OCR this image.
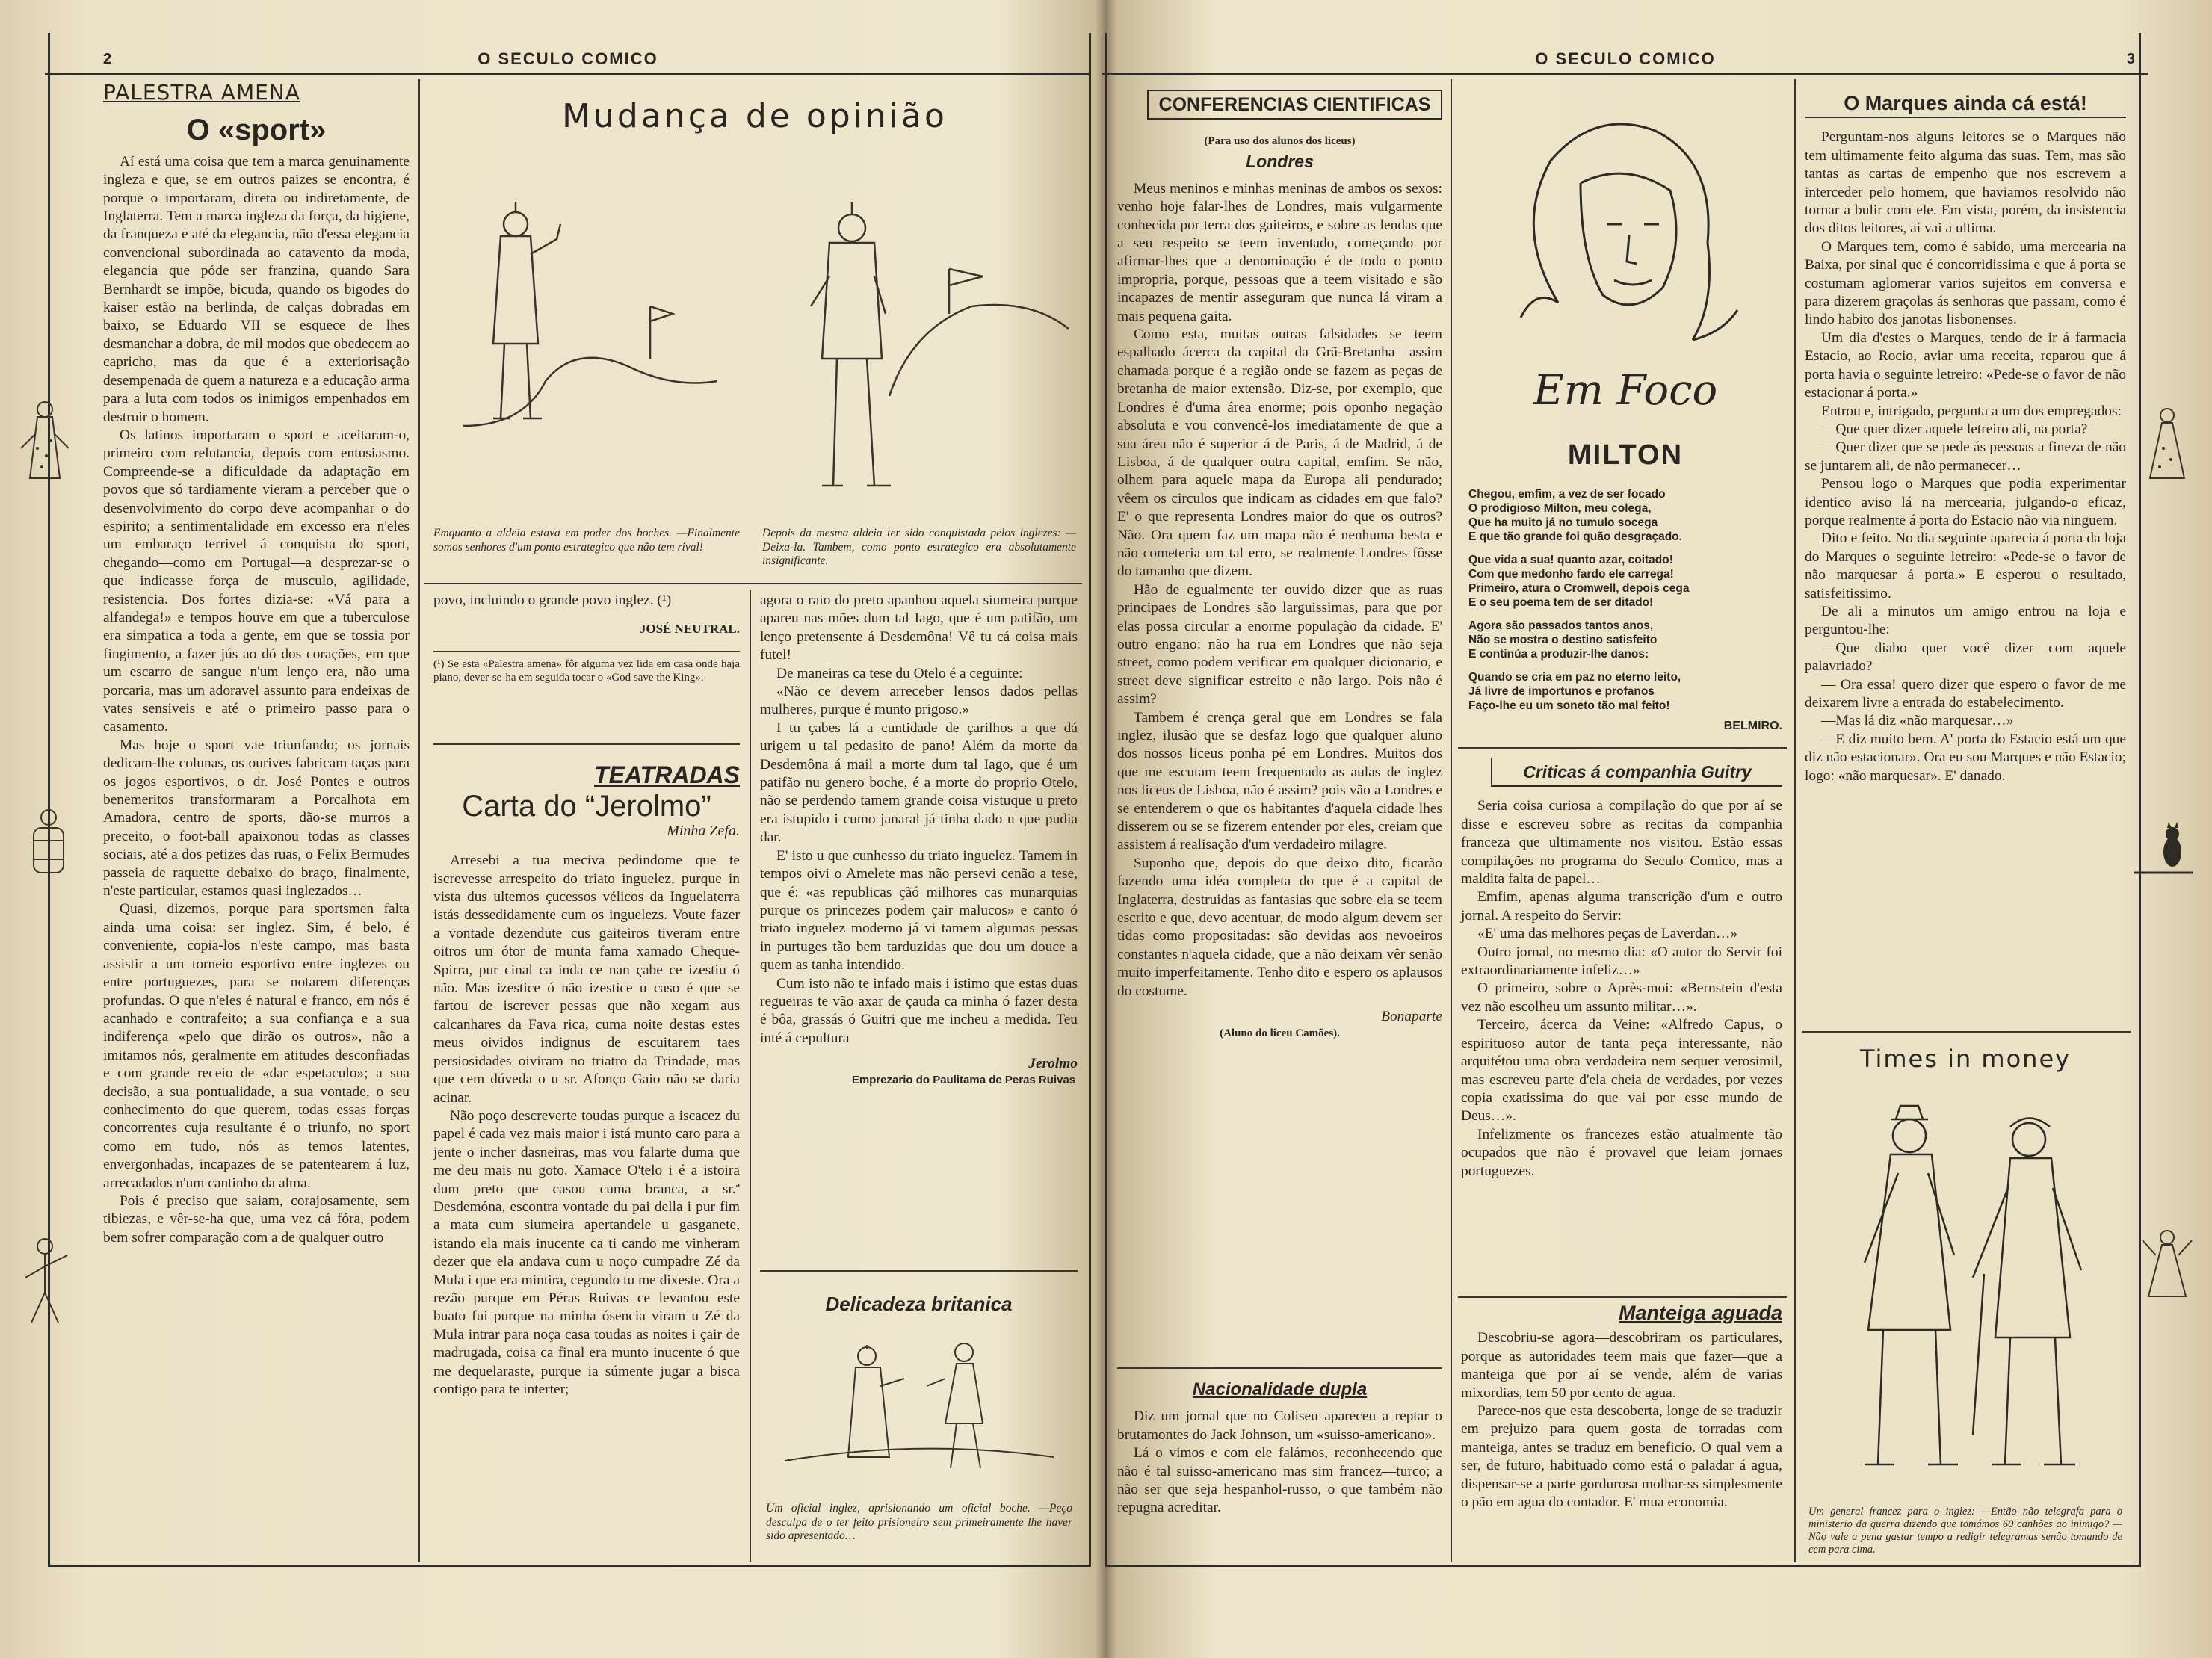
2	O SECULO COMICO
PALESTRA AMENA
O «sport»

Aí está uma coisa que tem a marca genuinamente ingleza e que, se em outros paizes se encontra, é porque o importaram, direta ou indiretamente, de Inglaterra. Tem a marca ingleza da força, da higiene, da franqueza e até da elegancia, não d'essa elegancia convencional subordinada ao catavento da moda, elegancia que póde ser franzina, quando Sara Bernhardt se impõe, bicuda, quando os bigodes do kaiser estão na berlinda, de calças dobradas em baixo, se Eduardo VII se esquece de lhes desmanchar a dobra, de mil modos que obedecem ao capricho, mas da que é a exteriorisação desempenada de quem a natureza e a educação arma para a luta com todos os inimigos empenhados em destruir o homem.

Os latinos importaram o sport e aceitaram-o, primeiro com relutancia, depois com entusiasmo. Compreende-se a dificuldade da adaptação em povos que só tardiamente vieram a perceber que o desenvolvimento do corpo deve acompanhar o do espirito; a sentimentalidade em excesso era n'eles um embaraço terrivel á conquista do sport, chegando—como em Portugal—a desprezar-se o que indicasse força de musculo, agilidade, resistencia. Dos fortes dizia-se: «Vá para a alfandega!» e tempos houve em que a tuberculose era simpatica a toda a gente, em que se tossia por fingimento, a fazer jús ao dó dos corações, em que um escarro de sangue n'um lenço era, não uma porcaria, mas um adoravel assunto para endeixas de vates sensiveis e até o primeiro passo para o casamento.

Mas hoje o sport vae triunfando; os jornais dedicam-lhe colunas, os ourives fabricam taças para os jogos esportivos, o dr. José Pontes e outros benemeritos transformaram a Porcalhota em Amadora, centro de sports, dão-se murros a preceito, o foot-ball apaixonou todas as classes sociais, até a dos petizes das ruas, o Felix Bermudes passeia de raquette debaixo do braço, finalmente, n'este particular, estamos quasi inglezados…

Quasi, dizemos, porque para sportsmen falta ainda uma coisa: ser inglez. Sim, é belo, é conveniente, copia-los n'este campo, mas basta assistir a um torneio esportivo entre inglezes ou entre portuguezes, para se notarem diferenças profundas. O que n'eles é natural e franco, em nós é acanhado e contrafeito; a sua confiança e a sua indiferença «pelo que dirão os outros», não a imitamos nós, geralmente em atitudes desconfiadas e com grande receio de «dar espetaculo»; a sua decisão, a sua pontualidade, a sua vontade, o seu conhecimento do que querem, todas essas forças concorrentes cuja resultante é o triunfo, no sport como em tudo, nós as temos latentes, envergonhadas, incapazes de se patentearem á luz, arrecadados n'um cantinho da alma.

Pois é preciso que saiam, corajosamente, sem tibiezas, e vêr-se-ha que, uma vez cá fóra, podem bem sofrer comparação com a de qualquer outro

Mudança de opinião
Emquanto a aldeia estava em poder dos boches. —Finalmente somos senhores d'um ponto estrategico que não tem rival!
Depois da mesma aldeia ter sido conquistada pelos inglezes: —Deixa-la. Tambem, como ponto estrategico era absolutamente insignificante.

povo, incluindo o grande povo inglez. (¹)

JOSÉ NEUTRAL.
(¹) Se esta «Palestra amena» fôr alguma vez lida em casa onde haja piano, dever-se-ha em seguida tocar o «God save the King».
TEATRADAS
Carta do “Jerolmo”
Minha Zefa.

Arresebi a tua meciva pedindome que te iscrevesse arrespeito do triato inguelez, purque in vista dus ultemos çucessos vélicos da Inguelaterra istás dessedidamente cum os inguelezs. Voute fazer a vontade dezendute cus gaiteiros tiveram entre oitros um ótor de munta fama xamado Cheque-Spirra, pur cinal ca inda ce nan çabe ce izestiu ó não. Mas izestice ó não izestice u caso é que se fartou de iscrever pessas que não xegam aus calcanhares da Fava rica, cuma noite destas estes meus oividos indignus de escuitarem taes persiosidades oiviram no triatro da Trindade, mas que cem dúveda o u sr. Afonço Gaio não se daria acinar.

Não poço descreverte toudas purque a iscacez du papel é cada vez mais maior i istá munto caro para a jente o incher dasneiras, mas vou falarte duma que me deu mais nu goto. Xamace O'telo i é a istoira dum preto que casou cuma branca, a sr.ª Desdemóna, escontra vontade du pai della i pur fim a mata cum siumeira apertandele u gasganete, istando ela mais inucente ca ti cando me vinheram dezer que ela andava cum u noço cumpadre Zé da Mula i que era mintira, cegundo tu me dixeste. Ora a rezão purque em Péras Ruivas ce levantou este buato fui purque na minha ósencia viram u Zé da Mula intrar para noça casa toudas as noites i çair de madrugada, coisa ca final era munto inucente ó que me dequelaraste, purque ia súmente jugar a bisca contigo para te interter;

agora o raio do preto apanhou aquela siumeira purque apareu nas mões dum tal Iago, que é um patifão, um lenço pretensente á Desdemôna! Vê tu cá coisa mais futel!

De maneiras ca tese du Otelo é a ceguinte:

«Não ce devem arreceber lensos dados pellas mulheres, purque é munto prigoso.»

I tu çabes lá a cuntidade de çarilhos a que dá urigem u tal pedasito de pano! Além da morte da Desdemôna á mail a morte dum tal Iago, que é um patifão nu genero boche, é a morte do proprio Otelo, não se perdendo tamem grande coisa vistuque u preto era istupido i cumo janaral já tinha dado u que pudia dar.

E' isto u que cunhesso du triato inguelez. Tamem in tempos oivi o Amelete mas não persevi cenão a tese, que é: «as republicas çãó milhores cas munarquias purque os princezes podem çair malucos» e canto ó triato inguelez moderno já vi tamem algumas pessas in purtuges tão bem tarduzidas que dou um douce a quem as tanha intendido.

Cum isto não te infado mais i istimo que estas duas regueiras te vão axar de çauda ca minha ó fazer desta é bôa, grassás ó Guitri que me incheu a medida. Teu inté á cepultura

Jerolmo
Emprezario do Paulitama de Peras Ruivas
Delicadeza britanica
Um oficial inglez, aprisionando um oficial boche. —Peço desculpa de o ter feito prisioneiro sem primeiramente lhe haver sido apresentado…
O SECULO COMICO	3
CONFERENCIAS CIENTIFICAS
(Para uso dos alunos dos liceus)
Londres

Meus meninos e minhas meninas de ambos os sexos: venho hoje falar-lhes de Londres, mais vulgarmente conhecida por terra dos gaiteiros, e sobre as lendas que a seu respeito se teem inventado, começando por afirmar-lhes que a denominação é de todo o ponto impropria, porque, pessoas que a teem visitado e são incapazes de mentir asseguram que nunca lá viram a mais pequena gaita.

Como esta, muitas outras falsidades se teem espalhado ácerca da capital da Grã-Bretanha—assim chamada porque é a região onde se fazem as peças de bretanha de maior extensão. Diz-se, por exemplo, que Londres é d'uma área enorme; pois oponho negação absoluta e vou convencê-los imediatamente de que a sua área não é superior á de Paris, á de Madrid, á de Lisboa, á de qualquer outra capital, emfim. Se não, olhem para aquele mapa da Europa ali pendurado; vêem os circulos que indicam as cidades em que falo? E' o que representa Londres maior do que os outros? Não. Ora quem faz um mapa não é nenhuma besta e não cometeria um tal erro, se realmente Londres fôsse do tamanho que dizem.

Hão de egualmente ter ouvido dizer que as ruas principaes de Londres são larguissimas, para que por elas possa circular a enorme população da cidade. E' outro engano: não ha rua em Londres que não seja street, como podem verificar em qualquer dicionario, e street deve significar estreito e não largo. Pois não é assim?

Tambem é crença geral que em Londres se fala inglez, ilusão que se desfaz logo que qualquer aluno dos nossos liceus ponha pé em Londres. Muitos dos que me escutam teem frequentado as aulas de inglez nos liceus de Lisboa, não é assim? pois vão a Londres e se entenderem o que os habitantes d'aquela cidade lhes disserem ou se se fizerem entender por eles, creiam que assistem á realisação d'um verdadeiro milagre.

Suponho que, depois do que deixo dito, ficarão fazendo uma idéa completa do que é a capital de Inglaterra, destruidas as fantasias que sobre ela se teem escrito e que, devo acentuar, de modo algum devem ser tidas como propositadas: são devidas aos nevoeiros constantes n'aquela cidade, que a não deixam vêr senão muito imperfeitamente. Tenho dito e espero os aplausos do costume.

Bonaparte
(Aluno do liceu Camões).
Nacionalidade dupla

Diz um jornal que no Coliseu apareceu a reptar o brutamontes do Jack Johnson, um «suisso-americano».

Lá o vimos e com ele falámos, reconhecendo que não é tal suisso-americano mas sim francez—turco; a não ser que seja hespanhol-russo, o que também não repugna acreditar.

Em Foco
MILTON
Chegou, emfim, a vez de ser focado
O prodigioso Milton, meu colega,
Que ha muito já no tumulo socega
E que tão grande foi quão desgraçado.
Que vida a sua! quanto azar, coitado!
Com que medonho fardo ele carrega!
Primeiro, atura o Cromwell, depois cega
E o seu poema tem de ser ditado!
Agora são passados tantos anos,
Não se mostra o destino satisfeito
E continúa a produzir-lhe danos:
Quando se cria em paz no eterno leito,
Já livre de importunos e profanos
Faço-lhe eu um soneto tão mal feito!
BELMIRO.
Criticas á companhia Guitry

Seria coisa curiosa a compilação do que por aí se disse e escreveu sobre as recitas da companhia franceza que ultimamente nos visitou. Estão essas compilações no programa do Seculo Comico, mas a maldita falta de papel…

Emfim, apenas alguma transcrição d'um e outro jornal. A respeito do Servir:

«E' uma das melhores peças de Laverdan…»

Outro jornal, no mesmo dia: «O autor do Servir foi extraordinariamente infeliz…»

O primeiro, sobre o Après-moi: «Bernstein d'esta vez não escolheu um assunto militar…».

Terceiro, ácerca da Veine: «Alfredo Capus, o espirituoso autor de tanta peça interessante, não arquitétou uma obra verdadeira nem sequer verosimil, mas escreveu parte d'ela cheia de verdades, por vezes copia exatissima do que vai por esse mundo de Deus…».

Infelizmente os francezes estão atualmente tão ocupados que não é provavel que leiam jornaes portuguezes.

Manteiga aguada

Descobriu-se agora—descobriram os particulares, porque as autoridades teem mais que fazer—que a manteiga que por aí se vende, além de varias mixordias, tem 50 por cento de agua.

Parece-nos que esta descoberta, longe de se traduzir em prejuizo para quem gosta de torradas com manteiga, antes se traduz em beneficio. O qual vem a ser, de futuro, habituado como está o paladar á agua, dispensar-se a parte gordurosa molhar-ss simplesmente o pão em agua do contador. E' mua economia.

O Marques ainda cá está!

Perguntam-nos alguns leitores se o Marques não tem ultimamente feito alguma das suas. Tem, mas são tantas as cartas de empenho que nos escrevem a interceder pelo homem, que haviamos resolvido não tornar a bulir com ele. Em vista, porém, da insistencia dos ditos leitores, aí vai a ultima.

O Marques tem, como é sabido, uma mercearia na Baixa, por sinal que é concorridissima e que á porta se costumam aglomerar varios sujeitos em conversa e para dizerem graçolas ás senhoras que passam, como é lindo habito dos janotas lisbonenses.

Um dia d'estes o Marques, tendo de ir á farmacia Estacio, ao Rocio, aviar uma receita, reparou que á porta havia o seguinte letreiro: «Pede-se o favor de não estacionar á porta.»

Entrou e, intrigado, pergunta a um dos empregados:

—Que quer dizer aquele letreiro ali, na porta?

—Quer dizer que se pede ás pessoas a fineza de não se juntarem ali, de não permanecer…

Pensou logo o Marques que podia experimentar identico aviso lá na mercearia, julgando-o eficaz, porque realmente á porta do Estacio não via ninguem.

Dito e feito. No dia seguinte aparecia á porta da loja do Marques o seguinte letreiro: «Pede-se o favor de não marquesar á porta.» E esperou o resultado, satisfeitissimo.

De ali a minutos um amigo entrou na loja e perguntou-lhe:

—Que diabo quer você dizer com aquele palavriado?

— Ora essa! quero dizer que espero o favor de me deixarem livre a entrada do estabelecimento.

—Mas lá diz «não marquesar…»

—E diz muito bem. A' porta do Estacio está um que diz não estacionar». Ora eu sou Marques e não Estacio; logo: «não marquesar». E' danado.

Times in money
Um general francez para o inglez: —Então não telegrafa para o ministerio da guerra dizendo que tomámos 60 canhões ao inimigo? —Não vale a pena gastar tempo a redigir telegramas senão tomando de cem para cima.
